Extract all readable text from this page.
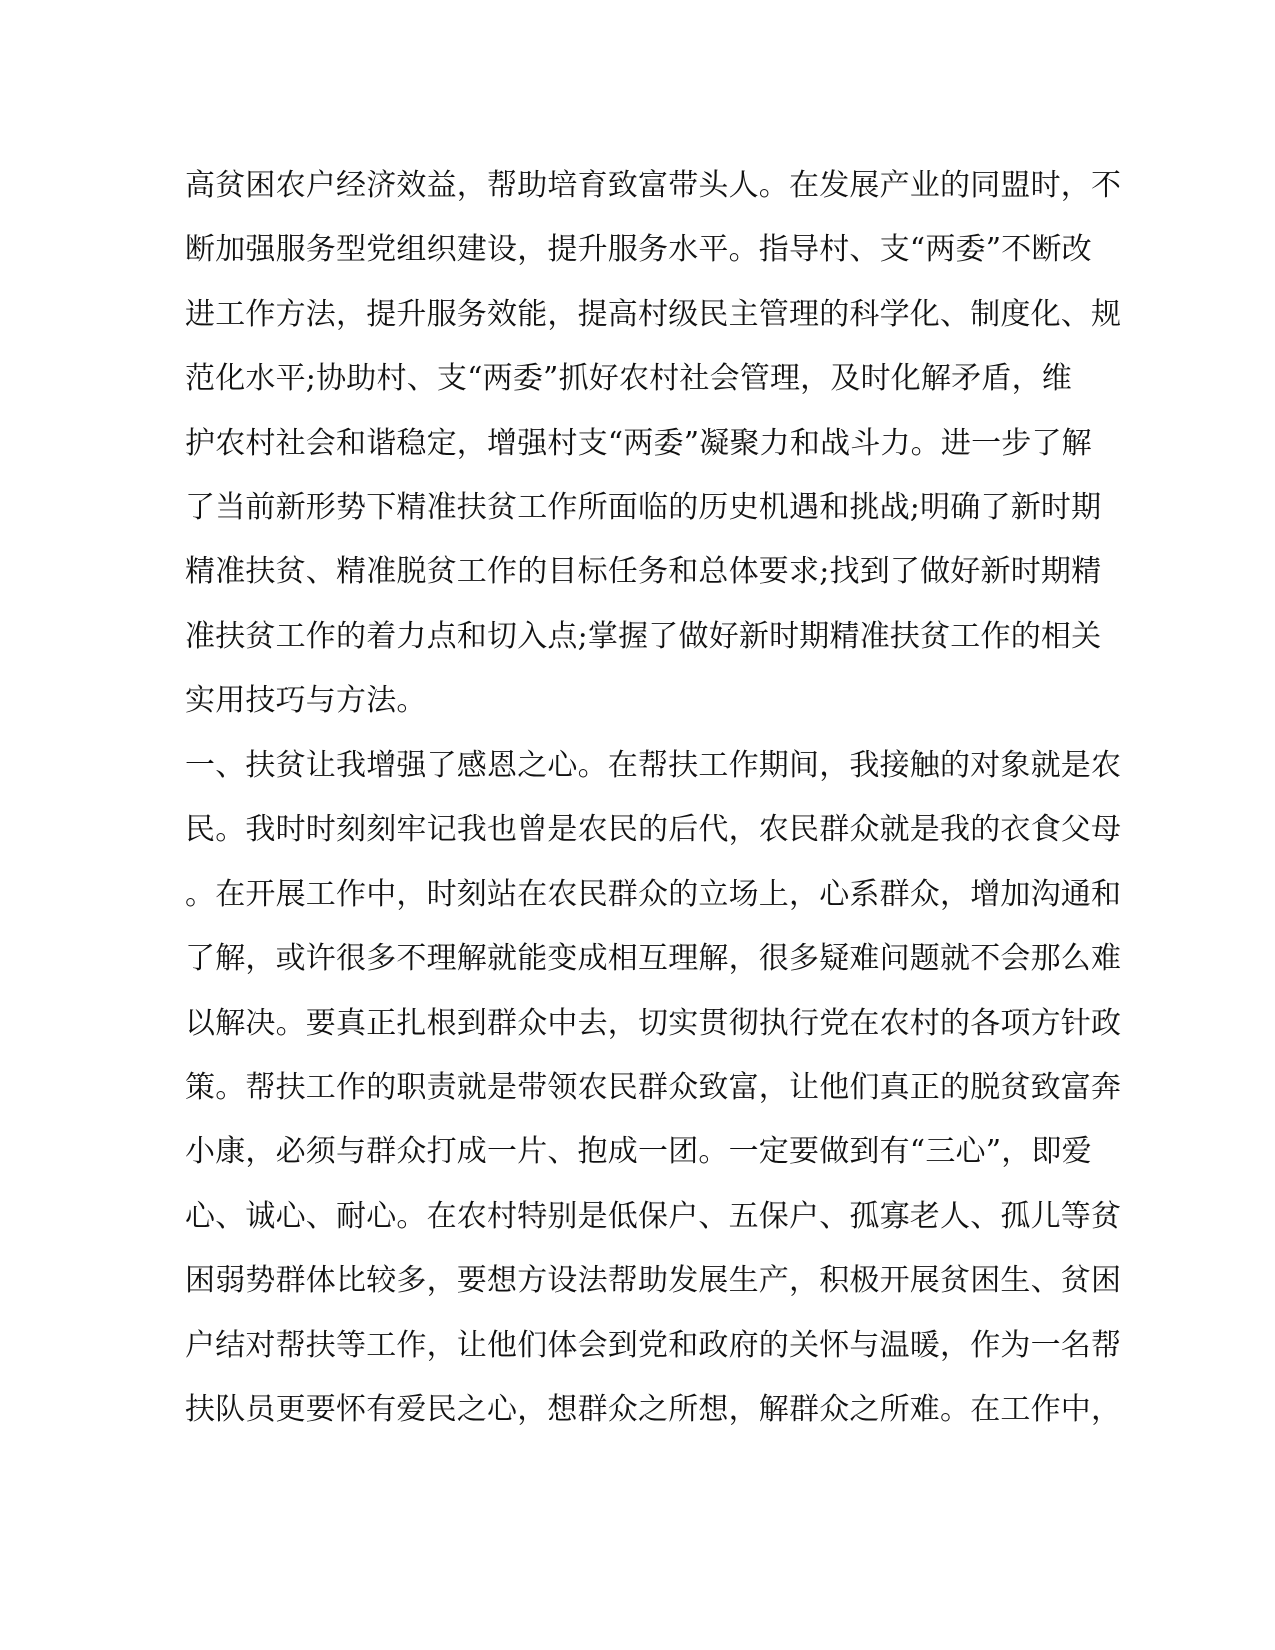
高贫困农户经济效益，帮助培育致富带头人。在发展产业的同盟时，不
断加强服务型党组织建设，提升服务水平。指导村、支“两委”不断改
进工作方法，提升服务效能，提高村级民主管理的科学化、制度化、规
范化水平;协助村、支“两委”抓好农村社会管理，及时化解矛盾，维
护农村社会和谐稳定，增强村支“两委”凝聚力和战斗力。进一步了解
了当前新形势下精准扶贫工作所面临的历史机遇和挑战;明确了新时期
精准扶贫、精准脱贫工作的目标任务和总体要求;找到了做好新时期精
准扶贫工作的着力点和切入点;掌握了做好新时期精准扶贫工作的相关
实用技巧与方法。
一、扶贫让我增强了感恩之心。在帮扶工作期间，我接触的对象就是农
民。我时时刻刻牢记我也曾是农民的后代，农民群众就是我的衣食父母
。在开展工作中，时刻站在农民群众的立场上，心系群众，增加沟通和
了解，或许很多不理解就能变成相互理解，很多疑难问题就不会那么难
以解决。要真正扎根到群众中去，切实贯彻执行党在农村的各项方针政
策。帮扶工作的职责就是带领农民群众致富，让他们真正的脱贫致富奔
小康，必须与群众打成一片、抱成一团。一定要做到有“三心”，即爱
心、诚心、耐心。在农村特别是低保户、五保户、孤寡老人、孤儿等贫
困弱势群体比较多，要想方设法帮助发展生产，积极开展贫困生、贫困
户结对帮扶等工作，让他们体会到党和政府的关怀与温暖，作为一名帮
扶队员更要怀有爱民之心，想群众之所想，解群众之所难。在工作中，
